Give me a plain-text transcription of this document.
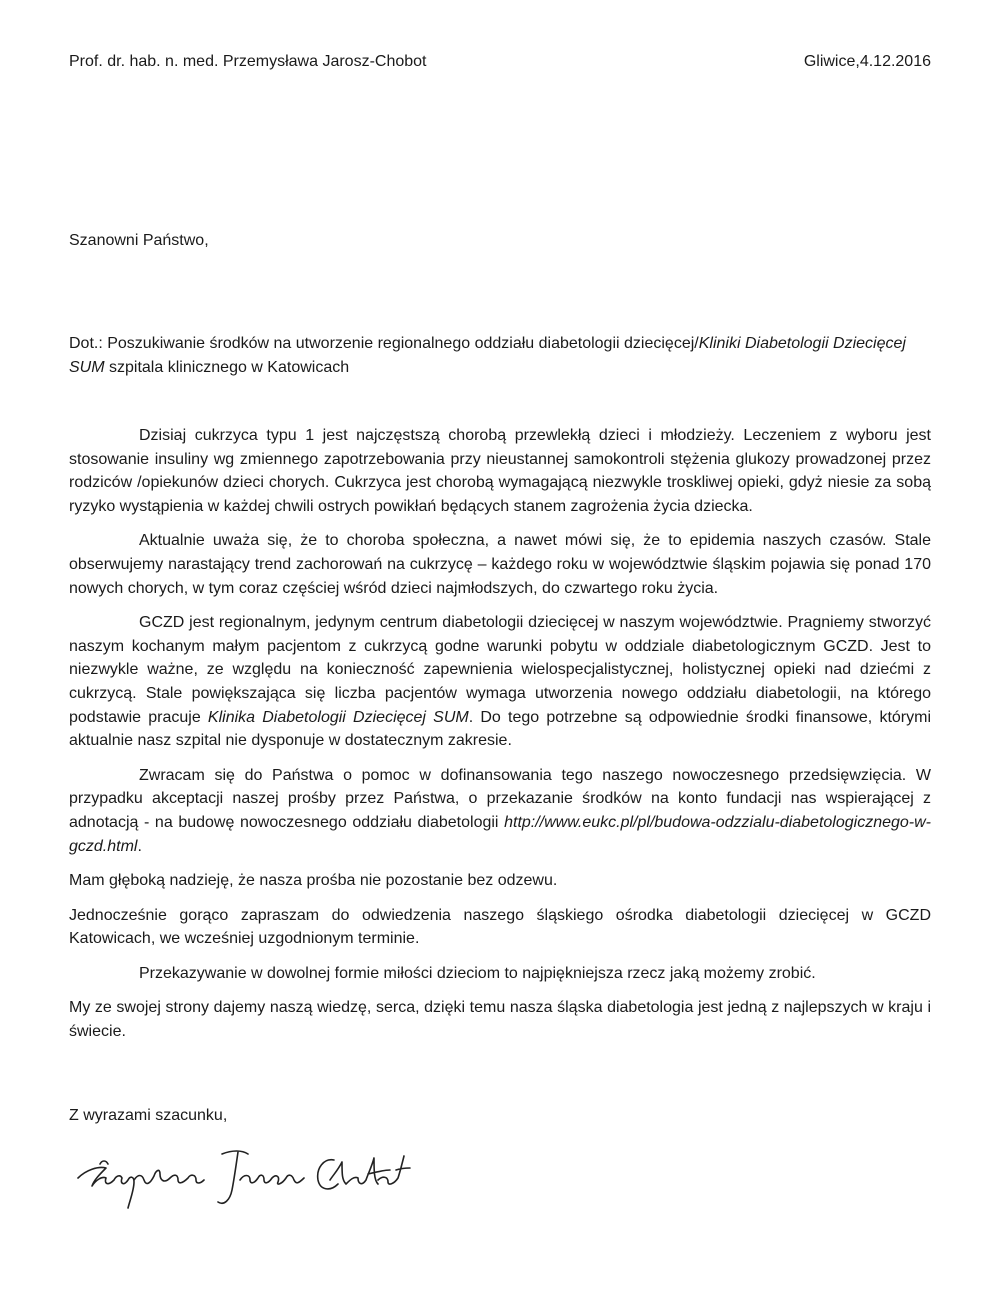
Prof. dr. hab. n. med. Przemysława Jarosz-Chobot	Gliwice,4.12.2016
Szanowni Państwo,
Dot.: Poszukiwanie środków na utworzenie regionalnego oddziału diabetologii dziecięcej/Kliniki Diabetologii Dziecięcej SUM szpitala klinicznego w Katowicach

Dzisiaj cukrzyca typu 1 jest najczęstszą chorobą przewlekłą dzieci i młodzieży. Leczeniem z wyboru jest stosowanie insuliny wg zmiennego zapotrzebowania przy nieustannej samokontroli stężenia glukozy prowadzonej przez rodziców /opiekunów dzieci chorych. Cukrzyca jest chorobą wymagającą niezwykle troskliwej opieki, gdyż niesie za sobą ryzyko wystąpienia w każdej chwili ostrych powikłań będących stanem zagrożenia życia dziecka.

Aktualnie uważa się, że to choroba społeczna, a nawet mówi się, że to epidemia naszych czasów. Stale obserwujemy narastający trend zachorowań na cukrzycę – każdego roku w województwie śląskim pojawia się ponad 170 nowych chorych, w tym coraz częściej wśród dzieci najmłodszych, do czwartego roku życia.

GCZD jest regionalnym, jedynym centrum diabetologii dziecięcej w naszym województwie. Pragniemy stworzyć naszym kochanym małym pacjentom z cukrzycą godne warunki pobytu w oddziale diabetologicznym GCZD. Jest to niezwykle ważne, ze względu na konieczność zapewnienia wielospecjalistycznej, holistycznej opieki nad dziećmi z cukrzycą. Stale powiększająca się liczba pacjentów wymaga utworzenia nowego oddziału diabetologii, na którego podstawie pracuje Klinika Diabetologii Dziecięcej SUM. Do tego potrzebne są odpowiednie środki finansowe, którymi aktualnie nasz szpital nie dysponuje w dostatecznym zakresie.

Zwracam się do Państwa o pomoc w dofinansowania tego naszego nowoczesnego przedsięwzięcia. W przypadku akceptacji naszej prośby przez Państwa, o przekazanie środków na konto fundacji nas wspierającej z adnotacją - na budowę nowoczesnego oddziału diabetologii http://www.eukc.pl/pl/budowa-odzzialu-diabetologicznego-w-gczd.html.

Mam głęboką nadzieję, że nasza prośba nie pozostanie bez odzewu.

Jednocześnie gorąco zapraszam do odwiedzenia naszego śląskiego ośrodka diabetologii dziecięcej w GCZD Katowicach, we wcześniej uzgodnionym terminie.

Przekazywanie w dowolnej formie miłości dzieciom to najpiękniejsza rzecz jaką możemy zrobić.

My ze swojej strony dajemy naszą wiedzę, serca, dzięki temu nasza śląska diabetologia jest jedną z najlepszych w kraju i świecie.

Z wyrazami szacunku,
